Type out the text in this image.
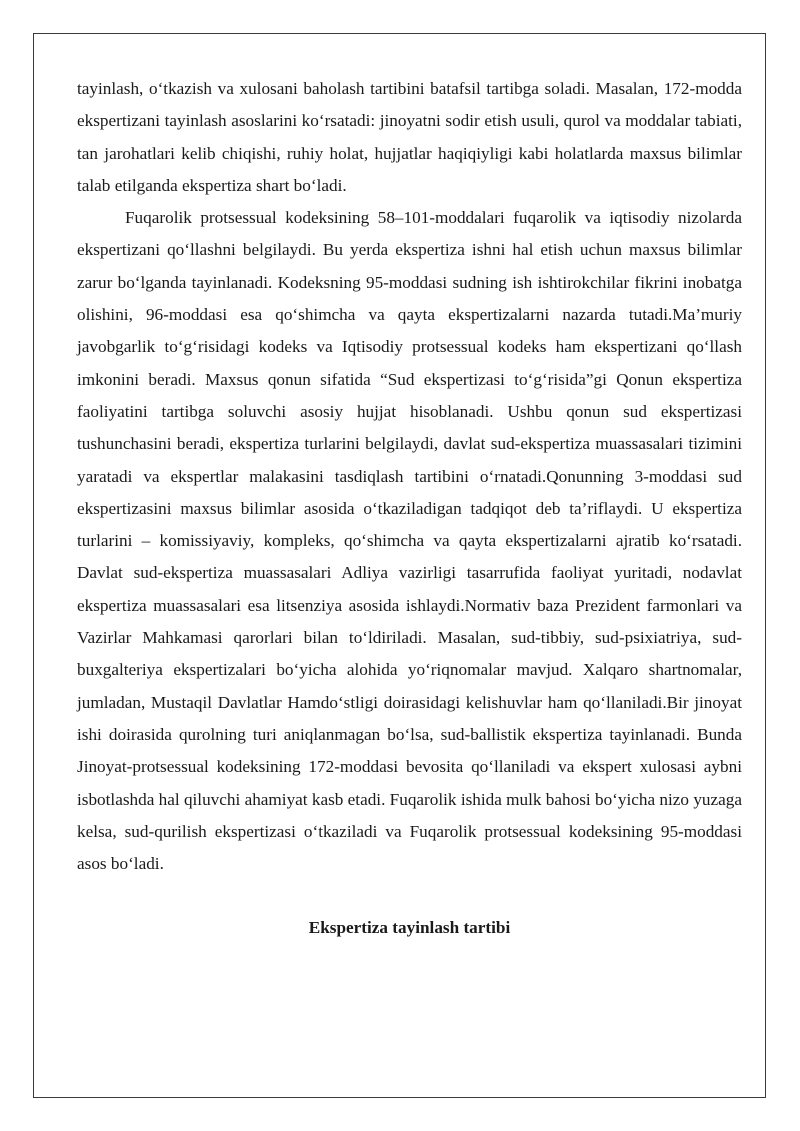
tayinlash, o‘tkazish va xulosani baholash tartibini batafsil tartibga soladi. Masalan, 172-modda ekspertizani tayinlash asoslarini ko‘rsatadi: jinoyatni sodir etish usuli, qurol va moddalar tabiati, tan jarohatlari kelib chiqishi, ruhiy holat, hujjatlar haqiqiyligi kabi holatlarda maxsus bilimlar talab etilganda ekspertiza shart bo‘ladi.

Fuqarolik protsessual kodeksining 58–101-moddalari fuqarolik va iqtisodiy nizolarda ekspertizani qo‘llashni belgilaydi. Bu yerda ekspertiza ishni hal etish uchun maxsus bilimlar zarur bo‘lganda tayinlanadi. Kodeksning 95-moddasi sudning ish ishtirokchilar fikrini inobatga olishini, 96-moddasi esa qo‘shimcha va qayta ekspertizalarni nazarda tutadi.Ma’muriy javobgarlik to‘g‘risidagi kodeks va Iqtisodiy protsessual kodeks ham ekspertizani qo‘llash imkonini beradi. Maxsus qonun sifatida “Sud ekspertizasi to‘g‘risida”gi Qonun ekspertiza faoliyatini tartibga soluvchi asosiy hujjat hisoblanadi. Ushbu qonun sud ekspertizasi tushunchasini beradi, ekspertiza turlarini belgilaydi, davlat sud-ekspertiza muassasalari tizimini yaratadi va ekspertlar malakasini tasdiqlash tartibini o‘rnatadi.Qonunning 3-moddasi sud ekspertizasini maxsus bilimlar asosida o‘tkaziladigan tadqiqot deb ta’riflaydi. U ekspertiza turlarini – komissiyaviy, kompleks, qo‘shimcha va qayta ekspertizalarni ajratib ko‘rsatadi. Davlat sud-ekspertiza muassasalari Adliya vazirligi tasarrufida faoliyat yuritadi, nodavlat ekspertiza muassasalari esa litsenziya asosida ishlaydi.Normativ baza Prezident farmonlari va Vazirlar Mahkamasi qarorlari bilan to‘ldiriladi. Masalan, sud-tibbiy, sud-psixiatriya, sud-buxgalteriya ekspertizalari bo‘yicha alohida yo‘riqnomalar mavjud. Xalqaro shartnomalar, jumladan, Mustaqil Davlatlar Hamdo‘stligi doirasidagi kelishuvlar ham qo‘llaniladi.Bir jinoyat ishi doirasida qurolning turi aniqlanmagan bo‘lsa, sud-ballistik ekspertiza tayinlanadi. Bunda Jinoyat-protsessual kodeksining 172-moddasi bevosita qo‘llaniladi va ekspert xulosasi aybni isbotlashda hal qiluvchi ahamiyat kasb etadi. Fuqarolik ishida mulk bahosi bo‘yicha nizo yuzaga kelsa, sud-qurilish ekspertizasi o‘tkaziladi va Fuqarolik protsessual kodeksining 95-moddasi asos bo‘ladi.

Ekspertiza tayinlash tartibi
